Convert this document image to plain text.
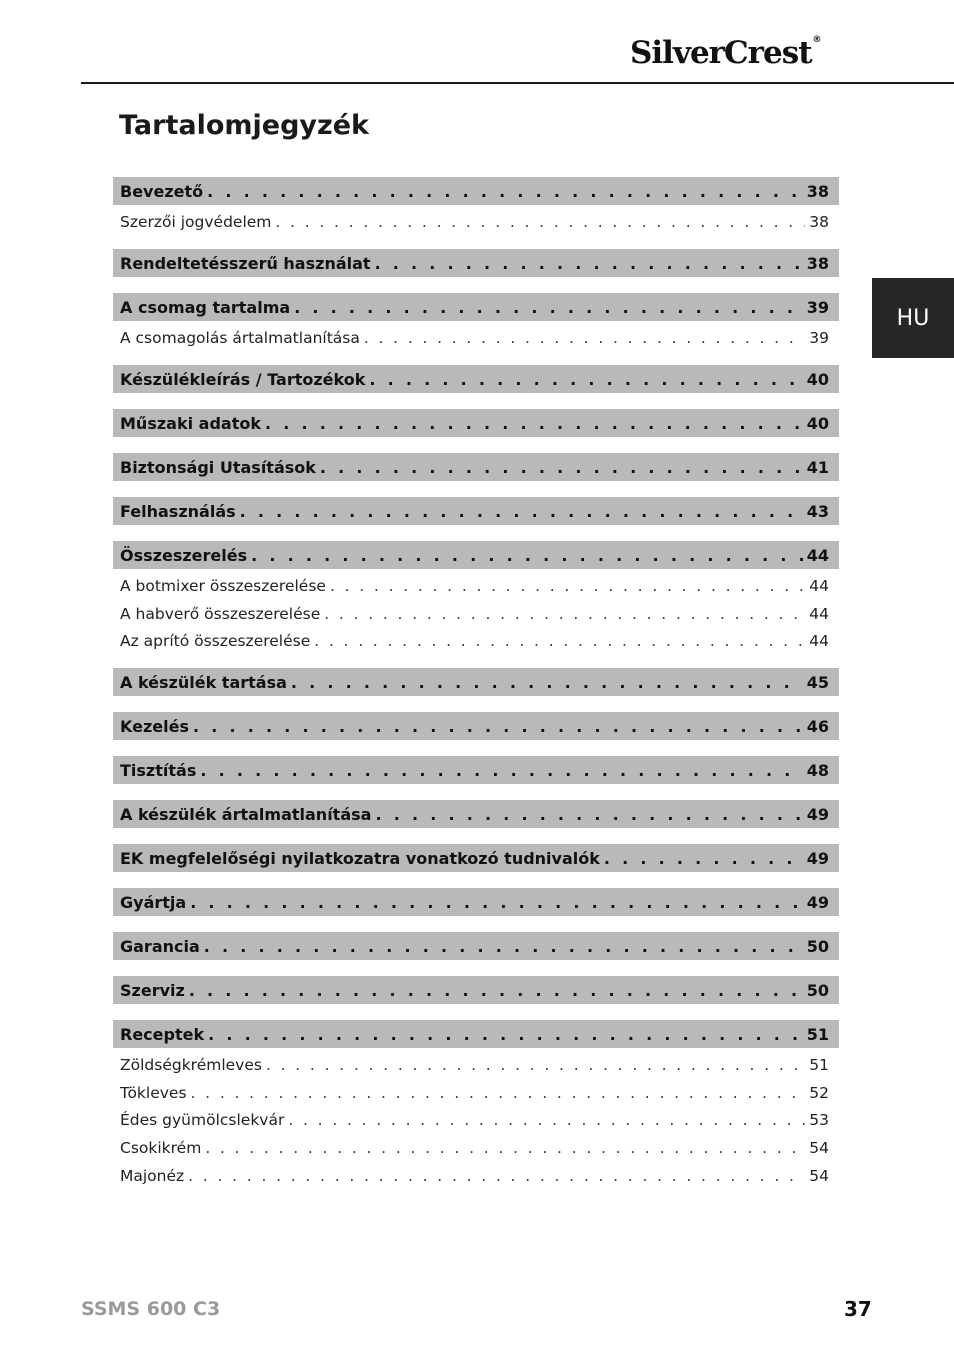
SilverCrest®
HU
Tartalomjegyzék
Bevezető . . .	38
Szerzői jogvédelem . . .	38
Rendeltetésszerű használat . . .	38
A csomag tartalma . . .	39
A csomagolás ártalmatlanítása . . .	39
Készülékleírás / Tartozékok . . .	40
Műszaki adatok . . .	40
Biztonsági Utasítások . . .	41
Felhasználás . . .	43
Összeszerelés . . .	44
A botmixer összeszerelése . . .	44
A habverő összeszerelése . . .	44
Az aprító összeszerelése . . .	44
A készülék tartása . . .	45
Kezelés . . .	46
Tisztítás . . .	48
A készülék ártalmatlanítása . . .	49
EK megfelelőségi nyilatkozatra vonatkozó tudnivalók . . .	49
Gyártja . . .	49
Garancia . . .	50
Szerviz . . .	50
Receptek . . .	51
Zöldségkrémleves . . .	51
Tökleves . . .	52
Édes gyümölcslekvár . . .	53
Csokikrém . . .	54
Majonéz . . .	54
SSMS 600 C3	37
